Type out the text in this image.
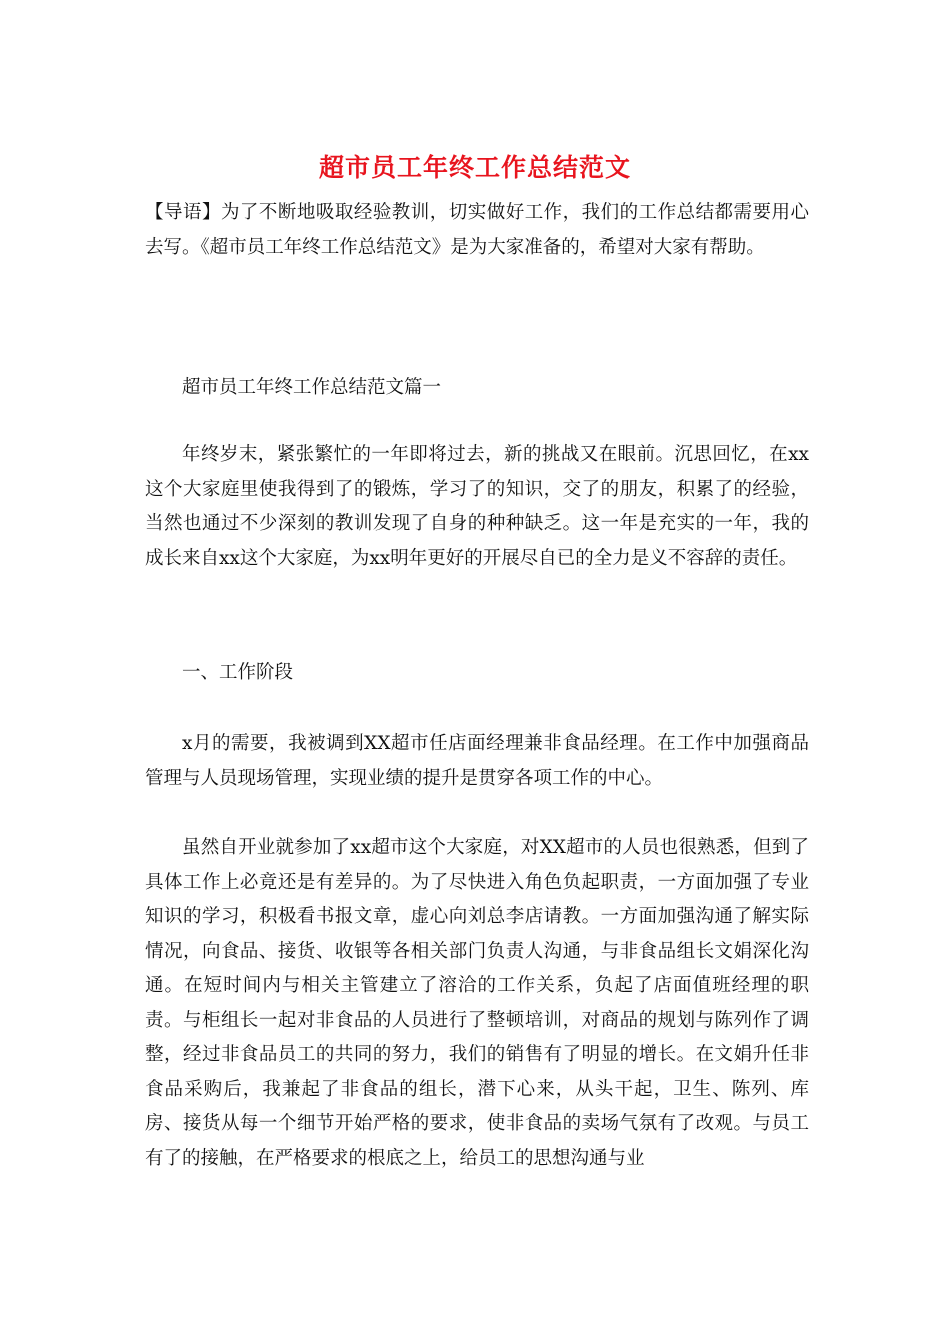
超市员工年终工作总结范文

【导语】为了不断地吸取经验教训，切实做好工作，我们的工作总结都需要用心去写。《超市员工年终工作总结范文》是为大家准备的，希望对大家有帮助。

超市员工年终工作总结范文篇一

年终岁末，紧张繁忙的一年即将过去，新的挑战又在眼前。沉思回忆，在xx这个大家庭里使我得到了的锻炼，学习了的知识，交了的朋友，积累了的经验，当然也通过不少深刻的教训发现了自身的种种缺乏。这一年是充实的一年，我的成长来自xx这个大家庭，为xx明年更好的开展尽自已的全力是义不容辞的责任。

一、工作阶段

x月的需要，我被调到XX超市任店面经理兼非食品经理。在工作中加强商品管理与人员现场管理，实现业绩的提升是贯穿各项工作的中心。

虽然自开业就参加了xx超市这个大家庭，对XX超市的人员也很熟悉，但到了具体工作上必竟还是有差异的。为了尽快进入角色负起职责，一方面加强了专业知识的学习，积极看书报文章，虚心向刘总李店请教。一方面加强沟通了解实际情况，向食品、接货、收银等各相关部门负责人沟通，与非食品组长文娟深化沟通。在短时间内与相关主管建立了溶洽的工作关系，负起了店面值班经理的职责。与柜组长一起对非食品的人员进行了整顿培训，对商品的规划与陈列作了调整，经过非食品员工的共同的努力，我们的销售有了明显的增长。在文娟升任非食品采购后，我兼起了非食品的组长，潜下心来，从头干起，卫生、陈列、库房、接货从每一个细节开始严格的要求，使非食品的卖场气氛有了改观。与员工有了的接触，在严格要求的根底之上，给员工的思想沟通与业
